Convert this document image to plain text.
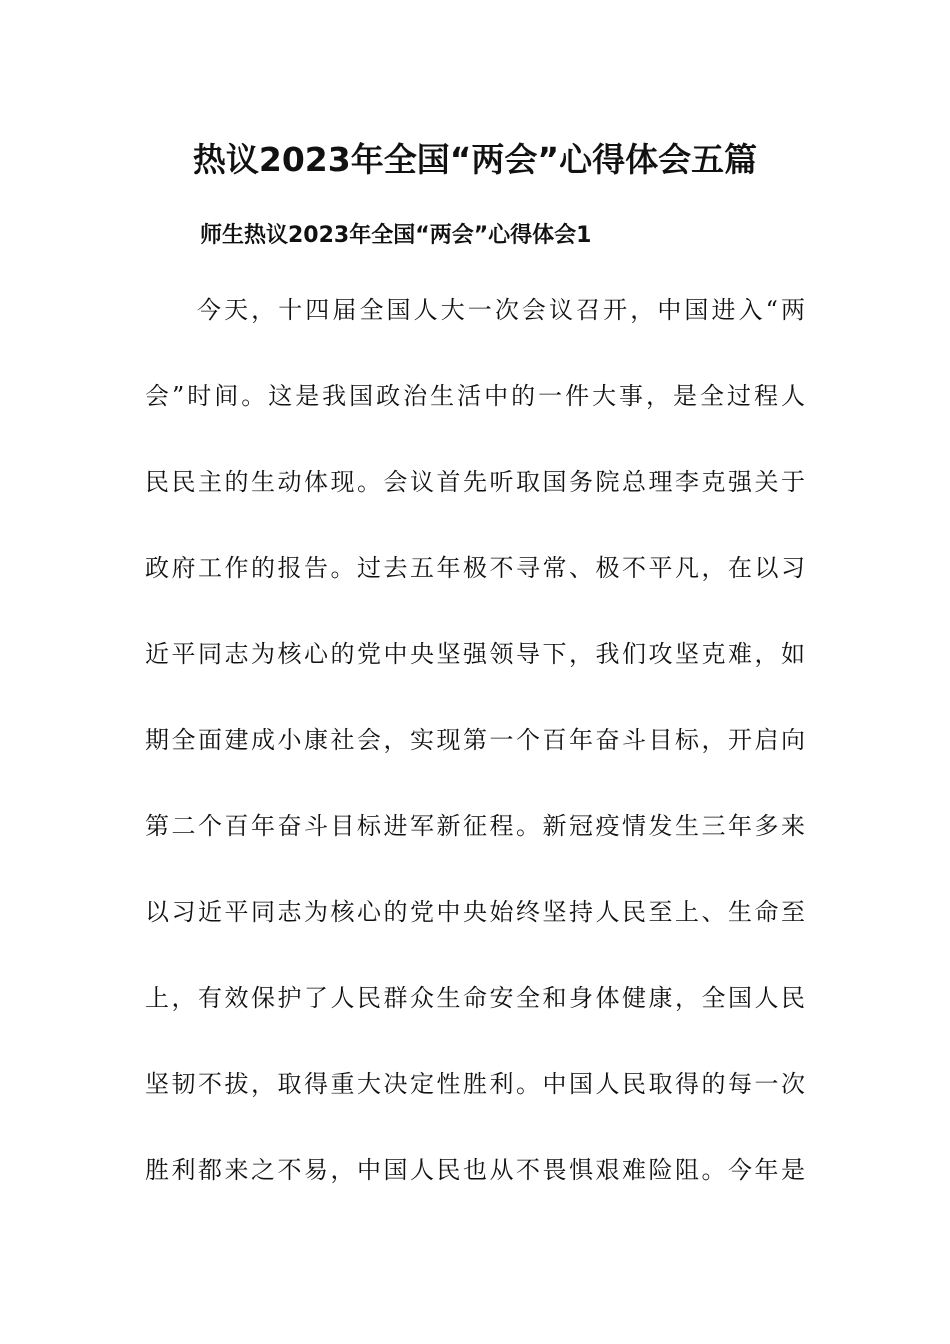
热议2023年全国“两会”心得体会五篇
师生热议2023年全国“两会”心得体会1
今天，十四届全国人大一次会议召开，中国进入“两
会”时间。这是我国政治生活中的一件大事，是全过程人
民民主的生动体现。会议首先听取国务院总理李克强关于
政府工作的报告。过去五年极不寻常、极不平凡，在以习
近平同志为核心的党中央坚强领导下，我们攻坚克难，如
期全面建成小康社会，实现第一个百年奋斗目标，开启向
第二个百年奋斗目标进军新征程。新冠疫情发生三年多来
以习近平同志为核心的党中央始终坚持人民至上、生命至
上，有效保护了人民群众生命安全和身体健康，全国人民
坚韧不拔，取得重大决定性胜利。中国人民取得的每一次
胜利都来之不易，中国人民也从不畏惧艰难险阻。今年是
